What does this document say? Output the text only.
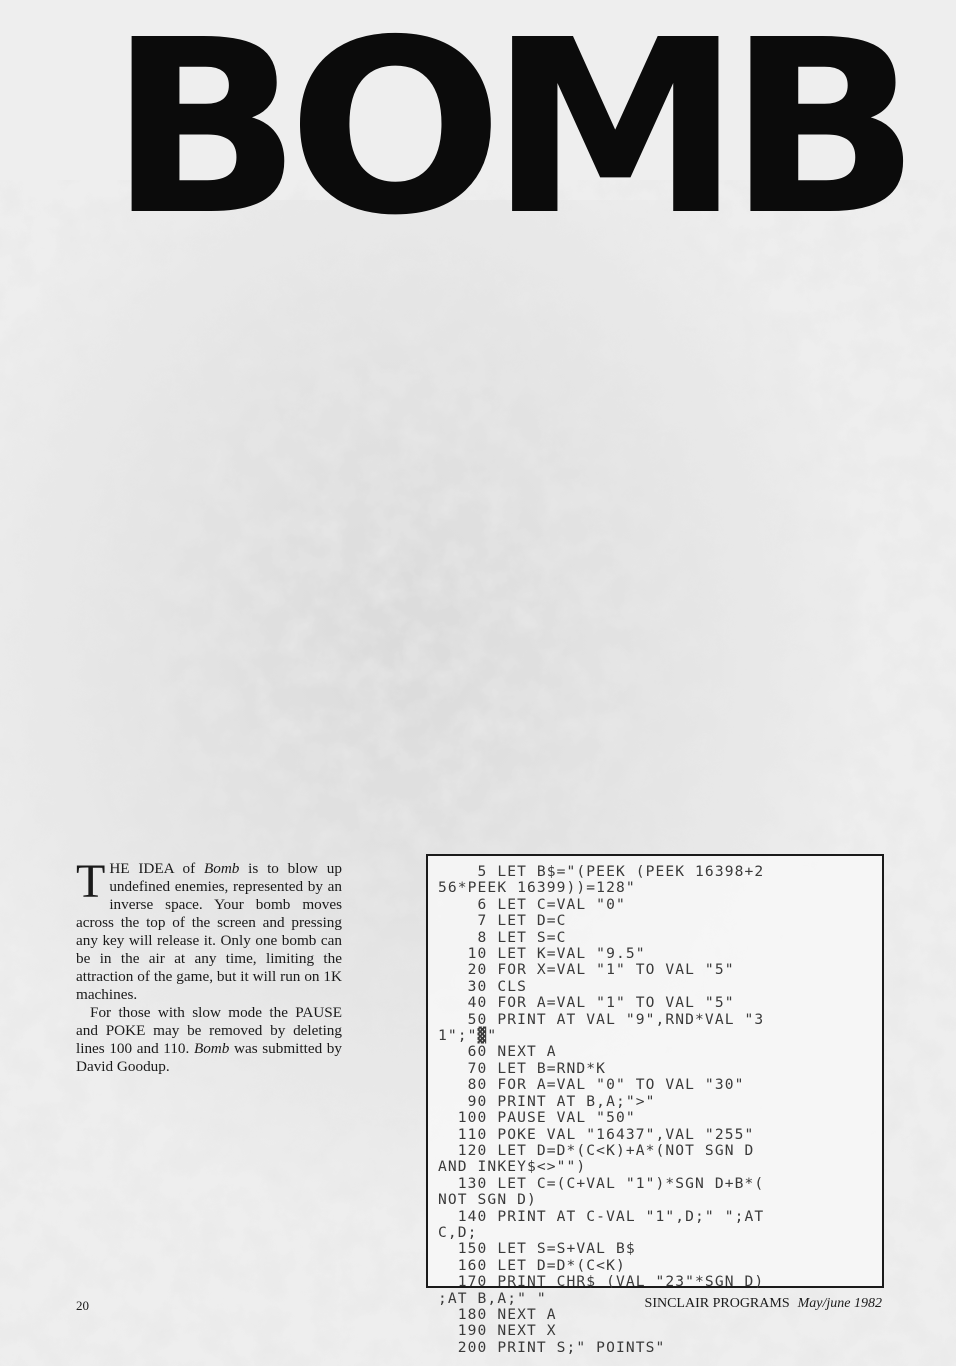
BOMB

THE IDEA of Bomb is to blow up undefined enemies, represented by an inverse space. Your bomb moves across the top of the screen and pressing any key will release it. Only one bomb can be in the air at any time, limiting the attraction of the game, but it will run on 1K machines.

For those with slow mode the PAUSE and POKE may be removed by deleting lines 100 and 110. Bomb was submitted by David Goodup.

5 LET B$="(PEEK (PEEK 16398+2
56*PEEK 16399))=128"
6 LET C=VAL "0"
7 LET D=C
8 LET S=C
10 LET K=VAL "9.5"
20 FOR X=VAL "1" TO VAL "5"
30 CLS
40 FOR A=VAL "1" TO VAL "5"
50 PRINT AT VAL "9",RND*VAL "3
1";"▓"
60 NEXT A
70 LET B=RND*K
80 FOR A=VAL "0" TO VAL "30"
90 PRINT AT B,A;">"
100 PAUSE VAL "50"
110 POKE VAL "16437",VAL "255"
120 LET D=D*(C<K)+A*(NOT SGN D
AND INKEY$<>"")
130 LET C=(C+VAL "1")*SGN D+B*(
NOT SGN D)
140 PRINT AT C-VAL "1",D;" ";AT
C,D;
150 LET S=S+VAL B$
160 LET D=D*(C<K)
170 PRINT CHR$ (VAL "23"*SGN D)
;AT B,A;" "
180 NEXT A
190 NEXT X
200 PRINT S;" POINTS"
20	SINCLAIR PROGRAMS May/june 1982
